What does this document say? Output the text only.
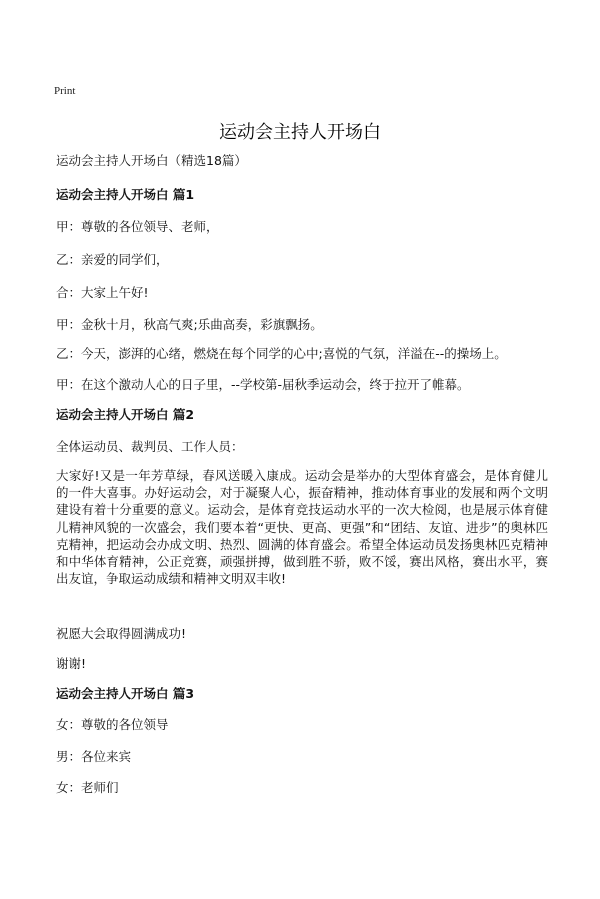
Print
运动会主持人开场白
运动会主持人开场白（精选18篇）
运动会主持人开场白 篇1
甲：尊敬的各位领导、老师，
乙：亲爱的同学们，
合：大家上午好!
甲：金秋十月，秋高气爽;乐曲高奏，彩旗飘扬。
乙：今天，澎湃的心绪，燃烧在每个同学的心中;喜悦的气氛，洋溢在--的操场上。
甲：在这个激动人心的日子里，--学校第-届秋季运动会，终于拉开了帷幕。
运动会主持人开场白 篇2
全体运动员、裁判员、工作人员：
大家好!又是一年芳草绿，春风送暖入康成。运动会是举办的大型体育盛会，是体育健儿的一件大喜事。办好运动会，对于凝聚人心，振奋精神，推动体育事业的发展和两个文明建设有着十分重要的意义。运动会，是体育竞技运动水平的一次大检阅，也是展示体育健儿精神风貌的一次盛会，我们要本着“更快、更高、更强”和“团结、友谊、进步”的奥林匹克精神，把运动会办成文明、热烈、圆满的体育盛会。希望全体运动员发扬奥林匹克精神和中华体育精神，公正竞赛，顽强拼搏，做到胜不骄，败不馁，赛出风格，赛出水平，赛出友谊，争取运动成绩和精神文明双丰收!
祝愿大会取得圆满成功!
谢谢!
运动会主持人开场白 篇3
女：尊敬的各位领导
男：各位来宾
女：老师们
